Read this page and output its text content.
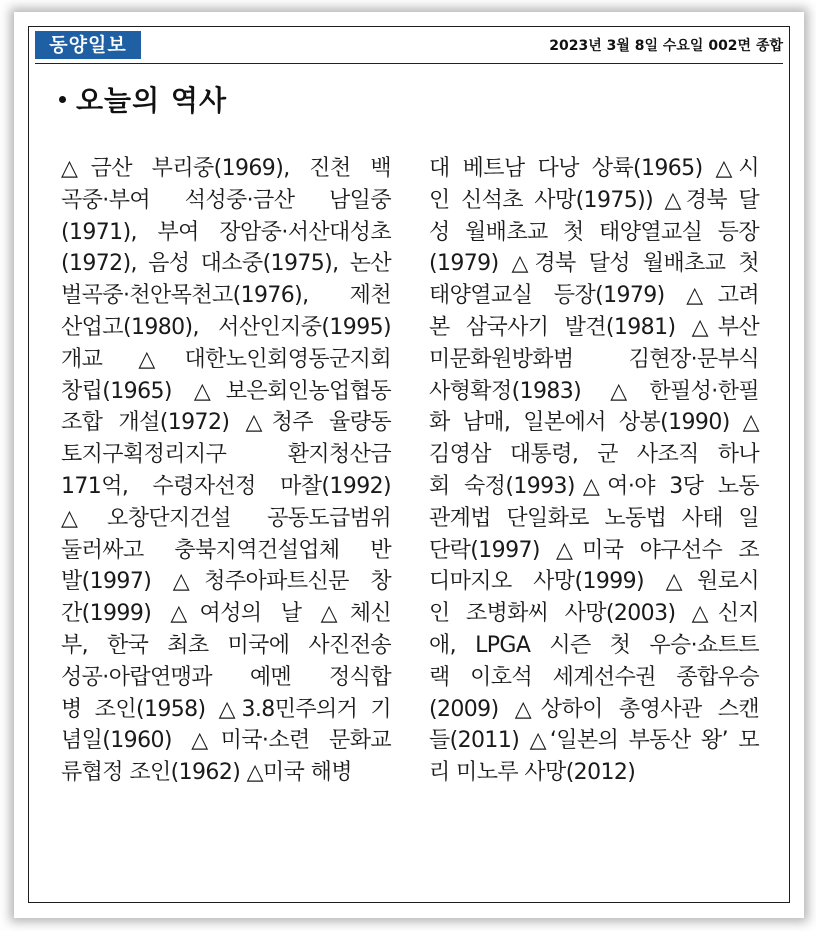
동양일보	2023년 3월 8일 수요일 002면 종합
오늘의 역사
△금산 부리중(1969), 진천 백
곡중·부여 석성중·금산 남일중
(1971), 부여 장암중·서산대성초
(1972), 음성 대소중(1975), 논산
벌곡중·천안목천고(1976), 제천
산업고(1980), 서산인지중(1995)
개교 △대한노인회영동군지회
창립(1965) △보은회인농업협동
조합 개설(1972) △청주 율량동
토지구획정리지구 환지청산금
171억, 수령자선정 마찰(1992)
△오창단지건설 공동도급범위
둘러싸고 충북지역건설업체 반
발(1997) △청주아파트신문 창
간(1999) △여성의 날 △체신
부, 한국 최초 미국에 사진전송
성공·아랍연맹과 예멘 정식합
병 조인(1958) △3.8민주의거 기
념일(1960) △미국·소련 문화교
류협정 조인(1962) △미국 해병
대 베트남 다낭 상륙(1965) △시
인 신석초 사망(1975)) △경북 달
성 월배초교 첫 태양열교실 등장
(1979) △경북 달성 월배초교 첫
태양열교실 등장(1979) △고려
본 삼국사기 발견(1981) △부산
미문화원방화범 김현장·문부식
사형확정(1983) △한필성·한필
화 남매, 일본에서 상봉(1990) △
김영삼 대통령, 군 사조직 하나
회 숙정(1993)△여·야 3당 노동
관계법 단일화로 노동법 사태 일
단락(1997) △미국 야구선수 조
디마지오 사망(1999) △원로시
인 조병화씨 사망(2003) △신지
애, LPGA 시즌 첫 우승·쇼트트
랙 이호석 세계선수권 종합우승
(2009) △상하이 총영사관 스캔
들(2011) △‘일본의 부동산 왕’ 모
리 미노루 사망(2012)
